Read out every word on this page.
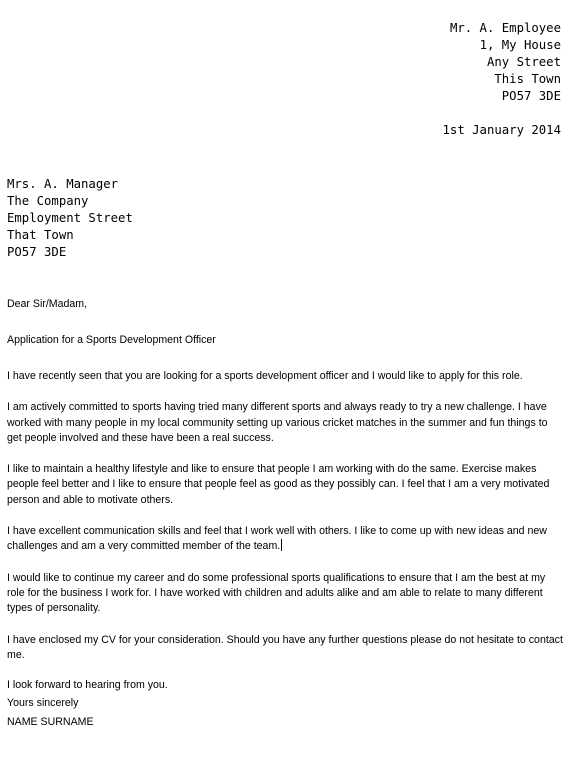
Mr. A. Employee
1, My House
Any Street
This Town
PO57 3DE
1st January 2014
Mrs. A. Manager
The Company
Employment Street
That Town
PO57 3DE

Dear Sir/Madam,

Application for a Sports Development Officer

I have recently seen that you are looking for a sports development officer and I would like to apply for this role.

I am actively committed to sports having tried many different sports and always ready to try a new challenge. I have worked with many people in my local community setting up various cricket matches in the summer and fun things to get people involved and these have been a real success.

I like to maintain a healthy lifestyle and like to ensure that people I am working with do the same. Exercise makes people feel better and I like to ensure that people feel as good as they possibly can. I feel that I am a very motivated person and able to motivate others.

I have excellent communication skills and feel that I work well with others. I like to come up with new ideas and new challenges and am a very committed member of the team.

I would like to continue my career and do some professional sports qualifications to ensure that I am the best at my role for the business I work for. I have worked with children and adults alike and am able to relate to many different types of personality.

I have enclosed my CV for your consideration. Should you have any further questions please do not hesitate to contact me.

I look forward to hearing from you.

Yours sincerely

NAME SURNAME
